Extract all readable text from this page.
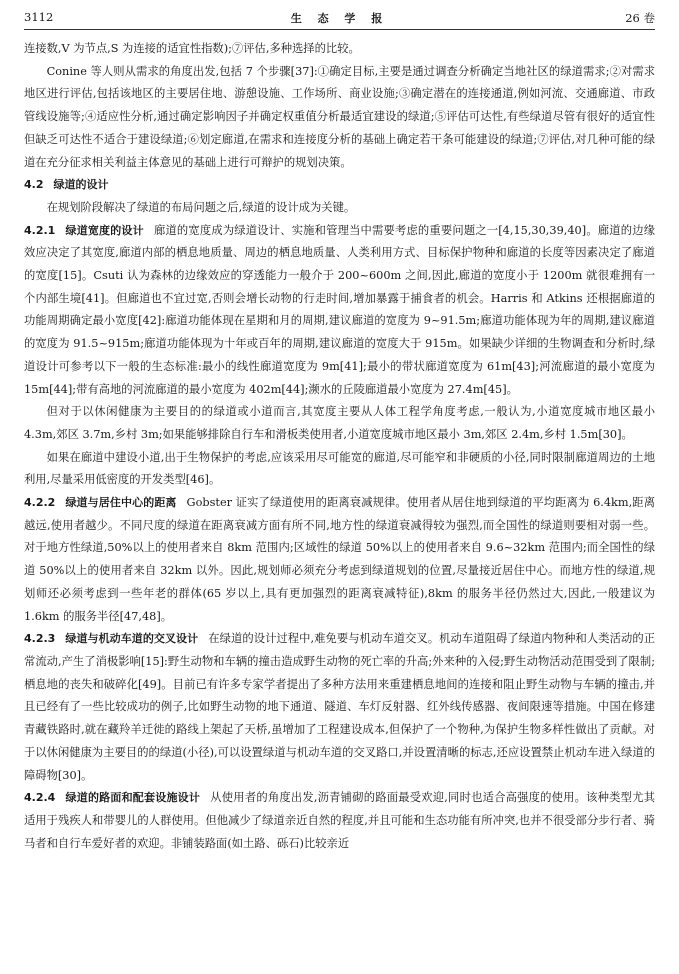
3112	生 态 学 报	26 卷

连接数,V 为节点,S 为连接的适宜性指数);⑦评估,多种选择的比较。

Conine 等人则从需求的角度出发,包括 7 个步骤[37]:①确定目标,主要是通过调查分析确定当地社区的绿道需求;②对需求地区进行评估,包括该地区的主要居住地、游憩设施、工作场所、商业设施;③确定潜在的连接通道,例如河流、交通廊道、市政管线设施等;④适应性分析,通过确定影响因子并确定权重值分析最适宜建设的绿道;⑤评估可达性,有些绿道尽管有很好的适宜性但缺乏可达性不适合于建设绿道;⑥划定廊道,在需求和连接度分析的基础上确定若干条可能建设的绿道;⑦评估,对几种可能的绿道在充分征求相关利益主体意见的基础上进行可辩护的规划决策。

4.2 绿道的设计

在规划阶段解决了绿道的布局问题之后,绿道的设计成为关键。

4.2.1 绿道宽度的设计 廊道的宽度成为绿道设计、实施和管理当中需要考虑的重要问题之一[4,15,30,39,40]。廊道的边缘效应决定了其宽度,廊道内部的栖息地质量、周边的栖息地质量、人类利用方式、目标保护物种和廊道的长度等因素决定了廊道的宽度[15]。Csuti 认为森林的边缘效应的穿透能力一般介于 200~600m 之间,因此,廊道的宽度小于 1200m 就很难拥有一个内部生境[41]。但廊道也不宜过宽,否则会增长动物的行走时间,增加暴露于捕食者的机会。Harris 和 Atkins 还根据廊道的功能周期确定最小宽度[42]:廊道功能体现在星期和月的周期,建议廊道的宽度为 9~91.5m;廊道功能体现为年的周期,建议廊道的宽度为 91.5~915m;廊道功能体现为十年或百年的周期,建议廊道的宽度大于 915m。如果缺少详细的生物调查和分析时,绿道设计可参考以下一般的生态标准:最小的线性廊道宽度为 9m[41];最小的带状廊道宽度为 61m[43];河流廊道的最小宽度为 15m[44];带有高地的河流廊道的最小宽度为 402m[44];濒水的丘陵廊道最小宽度为 27.4m[45]。

但对于以休闲健康为主要目的的绿道或小道而言,其宽度主要从人体工程学角度考虑,一般认为,小道宽度城市地区最小 4.3m,郊区 3.7m,乡村 3m;如果能够排除自行车和滑板类使用者,小道宽度城市地区最小 3m,郊区 2.4m,乡村 1.5m[30]。

如果在廊道中建设小道,出于生物保护的考虑,应该采用尽可能宽的廊道,尽可能窄和非硬质的小径,同时限制廊道周边的土地利用,尽量采用低密度的开发类型[46]。

4.2.2 绿道与居住中心的距离 Gobster 证实了绿道使用的距离衰减规律。使用者从居住地到绿道的平均距离为 6.4km,距离越远,使用者越少。不同尺度的绿道在距离衰减方面有所不同,地方性的绿道衰减得较为强烈,而全国性的绿道则要相对弱一些。对于地方性绿道,50%以上的使用者来自 8km 范围内;区域性的绿道 50%以上的使用者来自 9.6~32km 范围内;而全国性的绿道 50%以上的使用者来自 32km 以外。因此,规划师必须充分考虑到绿道规划的位置,尽量接近居住中心。而地方性的绿道,规划师还必须考虑到一些年老的群体(65 岁以上,具有更加强烈的距离衰减特征),8km 的服务半径仍然过大,因此,一般建议为 1.6km 的服务半径[47,48]。

4.2.3 绿道与机动车道的交叉设计 在绿道的设计过程中,难免要与机动车道交叉。机动车道阻碍了绿道内物种和人类活动的正常流动,产生了消极影响[15]:野生动物和车辆的撞击造成野生动物的死亡率的升高;外来种的入侵;野生动物活动范围受到了限制;栖息地的丧失和破碎化[49]。目前已有许多专家学者提出了多种方法用来重建栖息地间的连接和阻止野生动物与车辆的撞击,并且已经有了一些比较成功的例子,比如野生动物的地下通道、隧道、车灯反射器、红外线传感器、夜间限速等措施。中国在修建青藏铁路时,就在藏羚羊迁徙的路线上架起了天桥,虽增加了工程建设成本,但保护了一个物种,为保护生物多样性做出了贡献。对于以休闲健康为主要目的的绿道(小径),可以设置绿道与机动车道的交叉路口,并设置清晰的标志,还应设置禁止机动车进入绿道的障碍物[30]。

4.2.4 绿道的路面和配套设施设计 从使用者的角度出发,沥青铺砌的路面最受欢迎,同时也适合高强度的使用。该种类型尤其适用于残疾人和带婴儿的人群使用。但他减少了绿道亲近自然的程度,并且可能和生态功能有所冲突,也并不很受部分步行者、骑马者和自行车爱好者的欢迎。非铺装路面(如土路、砾石)比较亲近
